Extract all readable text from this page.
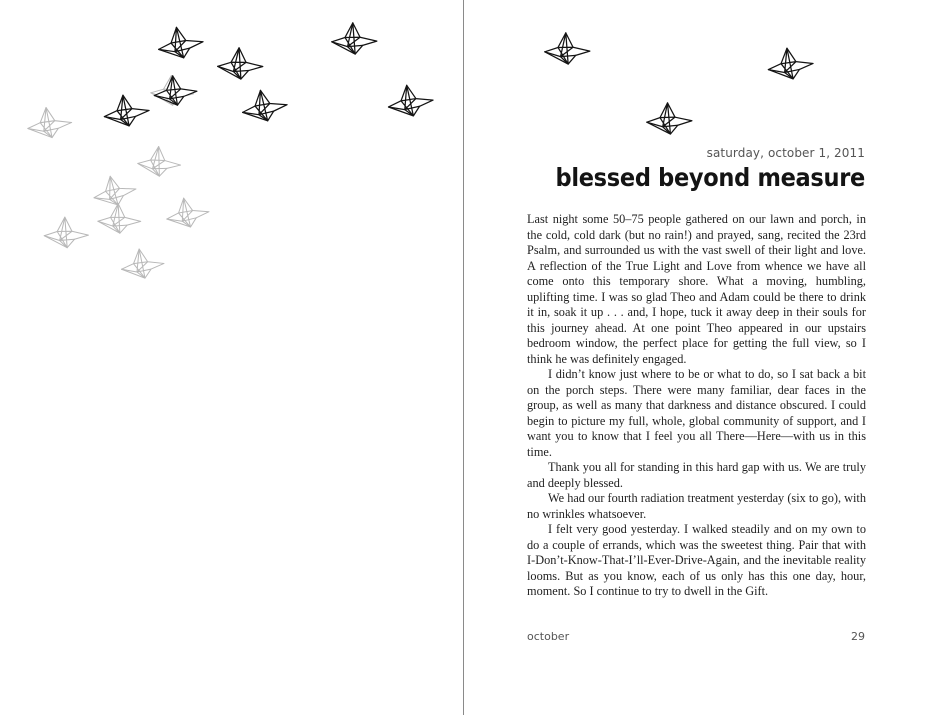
saturday, october 1, 2011
blessed beyond measure

Last night some 50–75 people gathered on our lawn and porch, in the cold, cold dark (but no rain!) and prayed, sang, recited the 23rd Psalm, and surrounded us with the vast swell of their light and love. A reflection of the True Light and Love from whence we have all come onto this temporary shore. What a moving, humbling, uplifting time. I was so glad Theo and Adam could be there to drink it in, soak it up . . . and, I hope, tuck it away deep in their souls for this journey ahead. At one point Theo appeared in our upstairs bedroom window, the perfect place for getting the full view, so I think he was definitely engaged.

I didn’t know just where to be or what to do, so I sat back a bit on the porch steps. There were many familiar, dear faces in the group, as well as many that darkness and distance obscured. I could begin to picture my full, whole, global community of support, and I want you to know that I feel you all There—Here—with us in this time.

Thank you all for standing in this hard gap with us. We are truly and deeply blessed.

We had our fourth radiation treatment yesterday (six to go), with no wrinkles whatsoever.

I felt very good yesterday. I walked steadily and on my own to do a couple of errands, which was the sweetest thing. Pair that with I-Don’t-Know-That-I’ll-Ever-Drive-Again, and the inevitable reality looms. But as you know, each of us only has this one day, hour, moment. So I continue to try to dwell in the Gift.

october	29
